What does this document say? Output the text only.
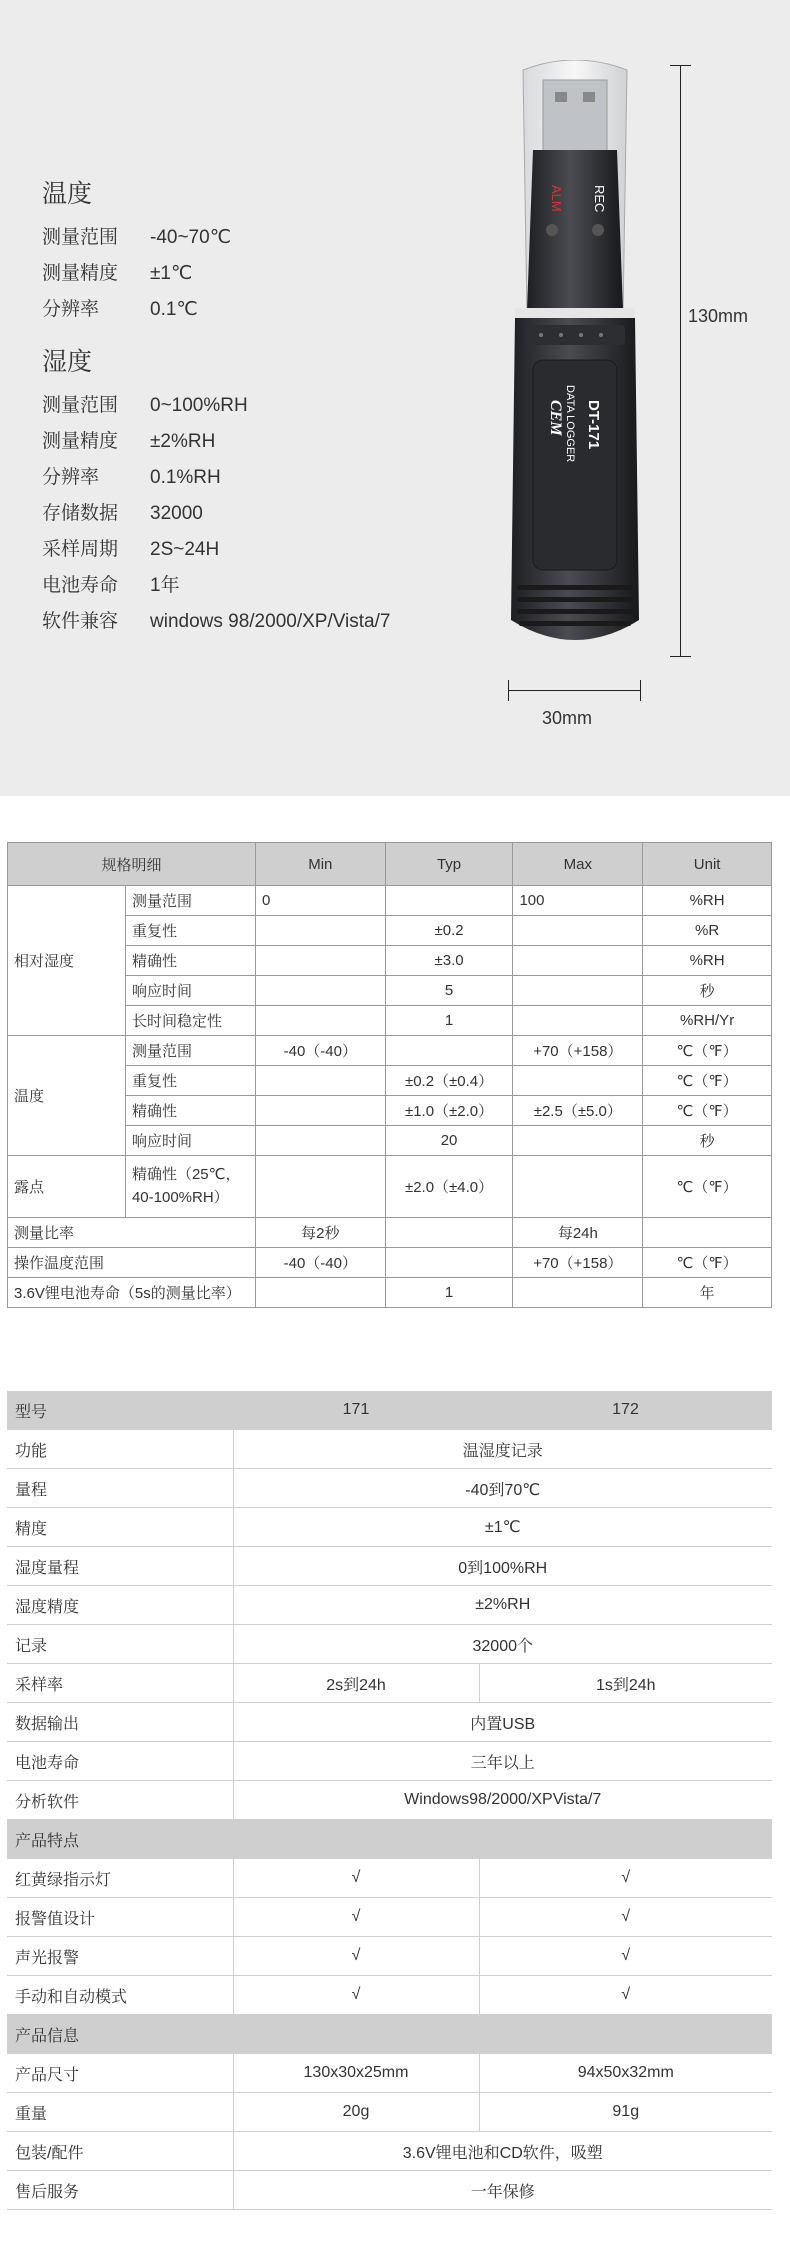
温度
测量范围 -40~70℃
测量精度 ±1℃
分辨率	0.1℃
湿度
测量范围 0~100%RH
测量精度 ±2%RH
分辨率	0.1%RH
存储数据 32000
采样周期 2S~24H
电池寿命 1年
软件兼容 windows 98/2000/XP/Vista/7
ALM REC
CEM DT-171
DATA LOGGER
130mm
30mm
规格明细		Min	Typ	Max	Unit
相对湿度	测量范围	0		100	%RH
	重复性		±0.2		%R
	精确性		±3.0		%RH
	响应时间		5		秒
	长时间稳定性		1		%RH/Yr
温度	测量范围	-40（-40）		+70（+158）	℃（℉）
	重复性		±0.2（±0.4）		℃（℉）
	精确性		±1.0（±2.0）	±2.5（±5.0）	℃（℉）
	响应时间		20		秒
露点	精确性（25℃，40-100%RH）		±2.0（±4.0）		℃（℉）
测量比率		每2秒		每24h	
操作温度范围		-40（-40）		+70（+158）	℃（℉）
3.6V锂电池寿命（5s的测量比率）			1		年
型号	171	172
功能	温湿度记录	
量程	-40到70℃	
精度	±1℃	
湿度量程	0到100%RH	
湿度精度	±2%RH	
记录	32000个	
采样率	2s到24h	1s到24h
数据输出	内置USB	
电池寿命	三年以上	
分析软件	Windows98/2000/XPVista/7	
产品特点		
红黄绿指示灯	√	√
报警值设计	√	√
声光报警	√	√
手动和自动模式	√	√
产品信息		
产品尺寸	130x30x25mm	94x50x32mm
重量	20g	91g
包装/配件	3.6V锂电池和CD软件，吸塑	
售后服务	一年保修	
